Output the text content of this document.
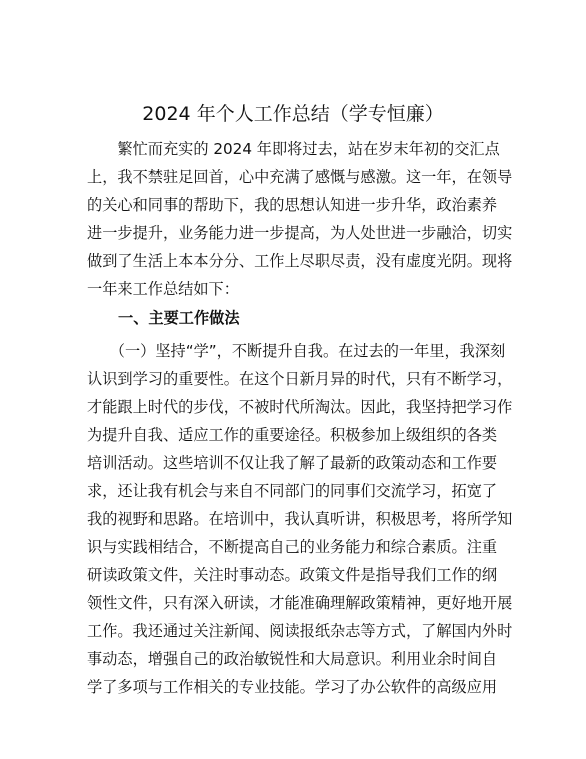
2024 年个人工作总结（学专恒廉）
　　繁忙而充实的 2024 年即将过去，站在岁末年初的交汇点
上，我不禁驻足回首，心中充满了感慨与感激。这一年，在领导
的关心和同事的帮助下，我的思想认知进一步升华，政治素养
进一步提升，业务能力进一步提高，为人处世进一步融洽，切实
做到了生活上本本分分、工作上尽职尽责，没有虚度光阴。现将
一年来工作总结如下：
一、主要工作做法
　　（一）坚持“学”，不断提升自我。在过去的一年里，我深刻
认识到学习的重要性。在这个日新月异的时代，只有不断学习，
才能跟上时代的步伐，不被时代所淘汰。因此，我坚持把学习作
为提升自我、适应工作的重要途径。积极参加上级组织的各类
培训活动。这些培训不仅让我了解了最新的政策动态和工作要
求，还让我有机会与来自不同部门的同事们交流学习，拓宽了
我的视野和思路。在培训中，我认真听讲，积极思考，将所学知
识与实践相结合，不断提高自己的业务能力和综合素质。注重
研读政策文件，关注时事动态。政策文件是指导我们工作的纲
领性文件，只有深入研读，才能准确理解政策精神，更好地开展
工作。我还通过关注新闻、阅读报纸杂志等方式，了解国内外时
事动态，增强自己的政治敏锐性和大局意识。利用业余时间自
学了多项与工作相关的专业技能。学习了办公软件的高级应用
